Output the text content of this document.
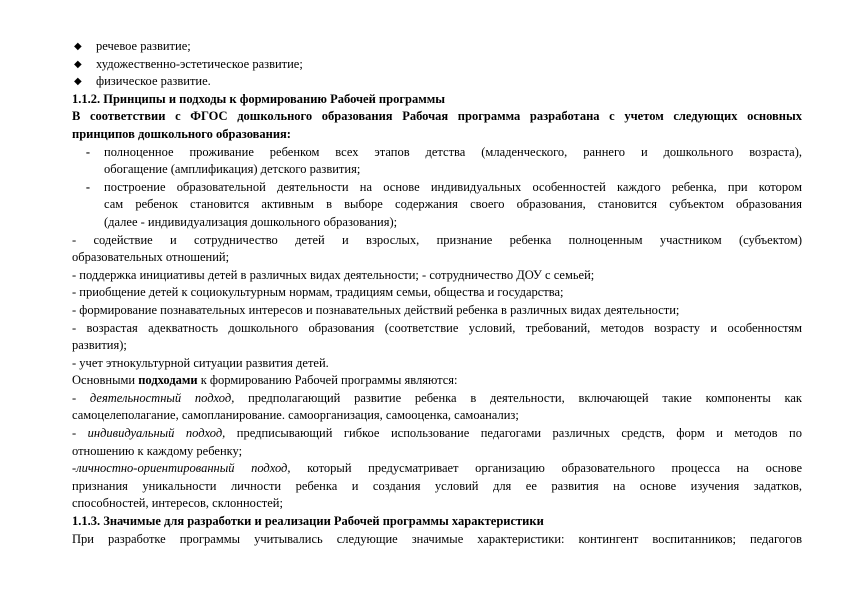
◆	речевое развитие;
◆	художественно-эстетическое развитие;
◆	физическое развитие.
1.1.2. Принципы и подходы к формированию Рабочей программы
В соответствии с ФГОС дошкольного образования Рабочая программа разработана с учетом следующих основных
принципов дошкольного образования:
-	полноценное проживание ребенком всех этапов детства (младенческого, раннего и дошкольного возраста),
обогащение (амплификация) детского развития;
-	построение образовательной деятельности на основе индивидуальных особенностей каждого ребенка, при котором
сам ребенок становится активным в выборе содержания своего образования, становится субъектом образования
(далее - индивидуализация дошкольного образования);
- содействие и сотрудничество детей и взрослых, признание ребенка полноценным участником (субъектом)
образовательных отношений;
- поддержка инициативы детей в различных видах деятельности; - сотрудничество ДОУ с семьей;
- приобщение детей к социокультурным нормам, традициям семьи, общества и государства;
- формирование познавательных интересов и познавательных действий ребенка в различных видах деятельности;
- возрастая адекватность дошкольного образования (соответствие условий, требований, методов возрасту и особенностям
развития);
- учет этнокультурной ситуации развития детей.
Основными подходами к формированию Рабочей программы являются:
- деятельностный подход, предполагающий развитие ребенка в деятельности, включающей такие компоненты как
самоцелеполагание, самопланирование. самоорганизация, самооценка, самоанализ;
- индивидуальный подход, предписывающий гибкое использование педагогами различных средств, форм и методов по
отношению к каждому ребенку;
-личностно-ориентированный подход, который предусматривает организацию образовательного процесса на основе
признания уникальности личности ребенка и создания условий для ее развития на основе изучения задатков,
способностей, интересов, склонностей;
1.1.3. Значимые для разработки и реализации Рабочей программы характеристики
При разработке программы учитывались следующие значимые характеристики: контингент воспитанников; педагогов
